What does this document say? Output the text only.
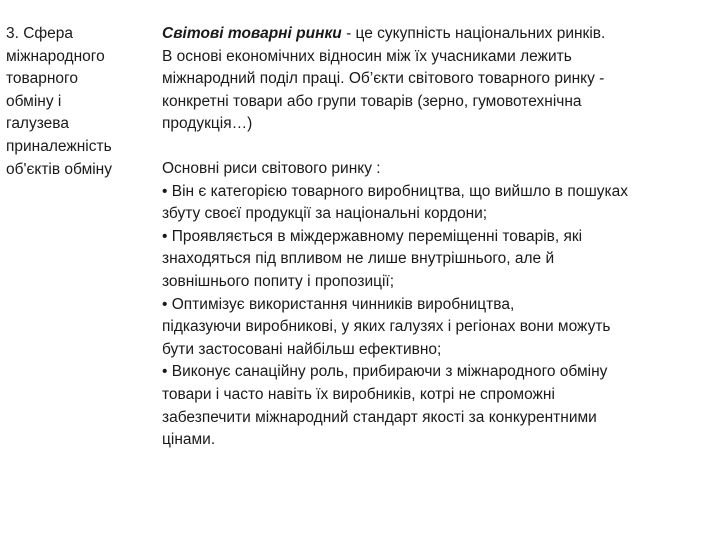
3. Сфера
міжнародного
товарного
обміну і
галузева
приналежність
об'єктів обміну
Світові товарні ринки - це сукупність національних ринків.
В основі економічних відносин між їх учасниками лежить
міжнародний поділ праці. Об’єкти світового товарного ринку -
конкретні товари або групи товарів (зерно, гумовотехнічна
продукція…)
Основні риси світового ринку :
• Він є категорією товарного виробництва, що вийшло в пошуках
збуту своєї продукції за національні кордони;
• Проявляється в міждержавному переміщенні товарів, які
знаходяться під впливом не лише внутрішнього, але й
зовнішнього попиту і пропозиції;
• Оптимізує використання чинників виробництва,
підказуючи виробникові, у яких галузях і регіонах вони можуть
бути застосовані найбільш ефективно;
• Виконує санаційну роль, прибираючи з міжнародного обміну
товари і часто навіть їх виробників, котрі не спроможні
забезпечити міжнародний стандарт якості за конкурентними
цінами.
